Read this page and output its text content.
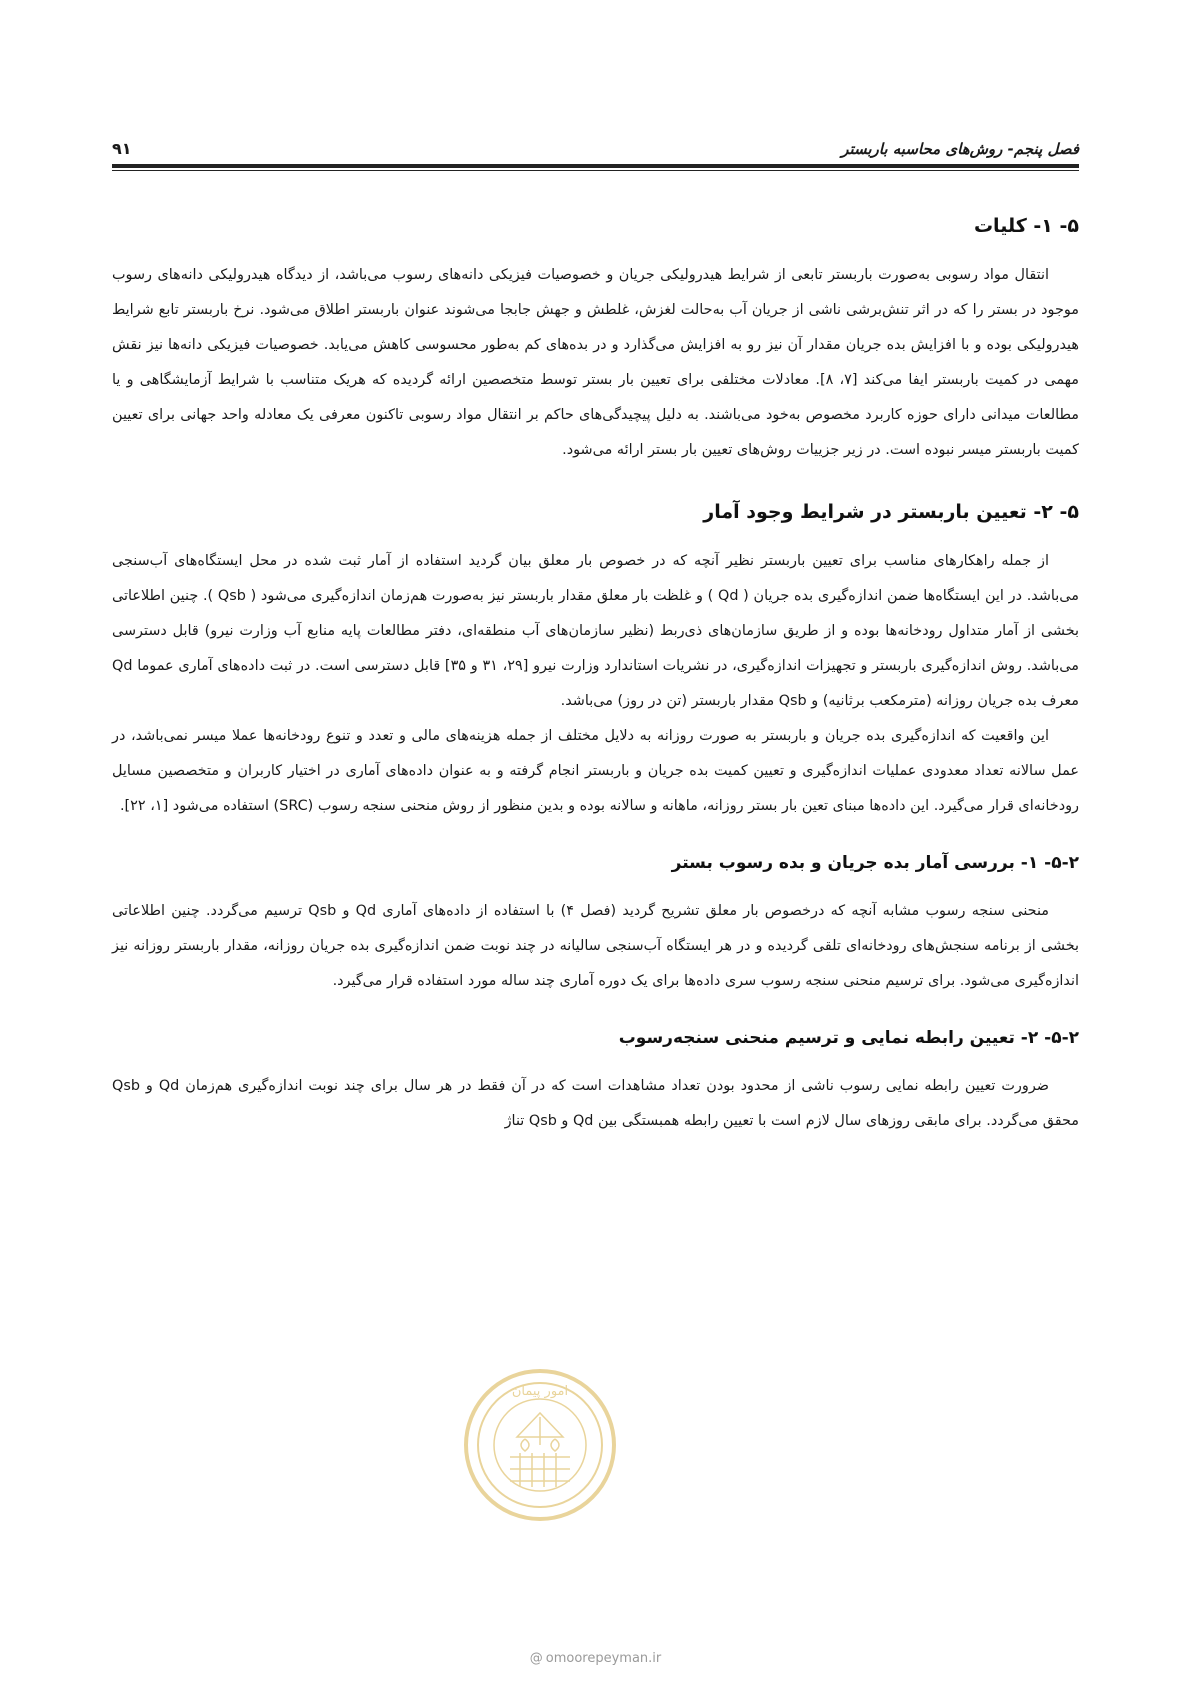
فصل پنجم- روش‌های محاسبه باربستر
۹۱
۵- ۱- کلیات

انتقال مواد رسوبی به‌صورت باربستر تابعی از شرایط هیدرولیکی جریان و خصوصیات فیزیکی دانه‌های رسوب می‌باشد، از دیدگاه هیدرولیکی دانه‌های رسوب موجود در بستر را که در اثر تنش‌برشی ناشی از جریان آب به‌حالت لغزش، غلطش و جهش جابجا می‌شوند عنوان باربستر اطلاق می‌شود. نرخ باربستر تابع شرایط هیدرولیکی بوده و با افزایش بده جریان مقدار آن نیز رو به افزایش می‌گذارد و در بده‌های کم به‌طور محسوسی کاهش می‌یابد. خصوصیات فیزیکی دانه‌ها نیز نقش مهمی در کمیت باربستر ایفا می‌کند [۷، ۸]. معادلات مختلفی برای تعیین بار بستر توسط متخصصین ارائه گردیده که هریک متناسب با شرایط آزمایشگاهی و یا مطالعات میدانی دارای حوزه کاربرد مخصوص به‌خود می‌باشند. به دلیل پیچیدگی‌های حاکم بر انتقال مواد رسوبی تاکنون معرفی یک معادله واحد جهانی برای تعیین کمیت باربستر میسر نبوده است. در زیر جزییات روش‌های تعیین بار بستر ارائه می‌شود.

۵- ۲- تعیین باربستر در شرایط وجود آمار

از جمله راهکارهای مناسب برای تعیین باربستر نظیر آنچه که در خصوص بار معلق بیان گردید استفاده از آمار ثبت شده در محل ایستگاه‌های آب‌سنجی می‌باشد. در این ایستگاه‌ها ضمن اندازه‌گیری بده جریان ( Qd ) و غلظت بار معلق مقدار باربستر نیز به‌صورت هم‌زمان اندازه‌گیری می‌شود ( Qsb ). چنین اطلاعاتی بخشی از آمار متداول رودخانه‌ها بوده و از طریق سازمان‌های ذی‌ربط (نظیر سازمان‌های آب منطقه‌ای، دفتر مطالعات پایه منابع آب وزارت نیرو) قابل دسترسی می‌باشد. روش اندازه‌گیری باربستر و تجهیزات اندازه‌گیری، در نشریات استاندارد وزارت نیرو [۲۹، ۳۱ و ۳۵] قابل دسترسی است. در ثبت داده‌های آماری عموما Qd معرف بده جریان روزانه (مترمکعب برثانیه) و Qsb مقدار باربستر (تن در روز) می‌باشد.

این واقعیت که اندازه‌گیری بده جریان و باربستر به صورت روزانه به دلایل مختلف از جمله هزینه‌های مالی و تعدد و تنوع رودخانه‌ها عملا میسر نمی‌باشد، در عمل سالانه تعداد معدودی عملیات اندازه‌گیری و تعیین کمیت بده جریان و باربستر انجام گرفته و به عنوان داده‌های آماری در اختیار کاربران و متخصصین مسایل رودخانه‌ای قرار می‌گیرد. این داده‌ها مبنای تعین بار بستر روزانه، ماهانه و سالانه بوده و بدین منظور از روش منحنی سنجه رسوب (SRC) استفاده می‌شود [۱، ۲۲].

۵-۲- ۱- بررسی آمار بده جریان و بده رسوب بستر

منحنی سنجه رسوب مشابه آنچه که درخصوص بار معلق تشریح گردید (فصل ۴) با استفاده از داده‌های آماری Qd و Qsb ترسیم می‌گردد. چنین اطلاعاتی بخشی از برنامه سنجش‌های رودخانه‌ای تلقی گردیده و در هر ایستگاه آب‌سنجی سالیانه در چند نوبت ضمن اندازه‌گیری بده جریان روزانه، مقدار باربستر روزانه نیز اندازه‌گیری می‌شود. برای ترسیم منحنی سنجه رسوب سری داده‌ها برای یک دوره آماری چند ساله مورد استفاده قرار می‌گیرد.

۵-۲- ۲- تعیین رابطه نمایی و ترسیم منحنی سنجه‌رسوب

ضرورت تعیین رابطه نمایی رسوب ناشی از محدود بودن تعداد مشاهدات است که در آن فقط در هر سال برای چند نوبت اندازه‌گیری هم‌زمان Qd و Qsb محقق می‌گردد. برای مابقی روزهای سال لازم است با تعیین رابطه همبستگی بین Qd و Qsb تناژ

امور پیمان
@ omoorepeyman.ir
